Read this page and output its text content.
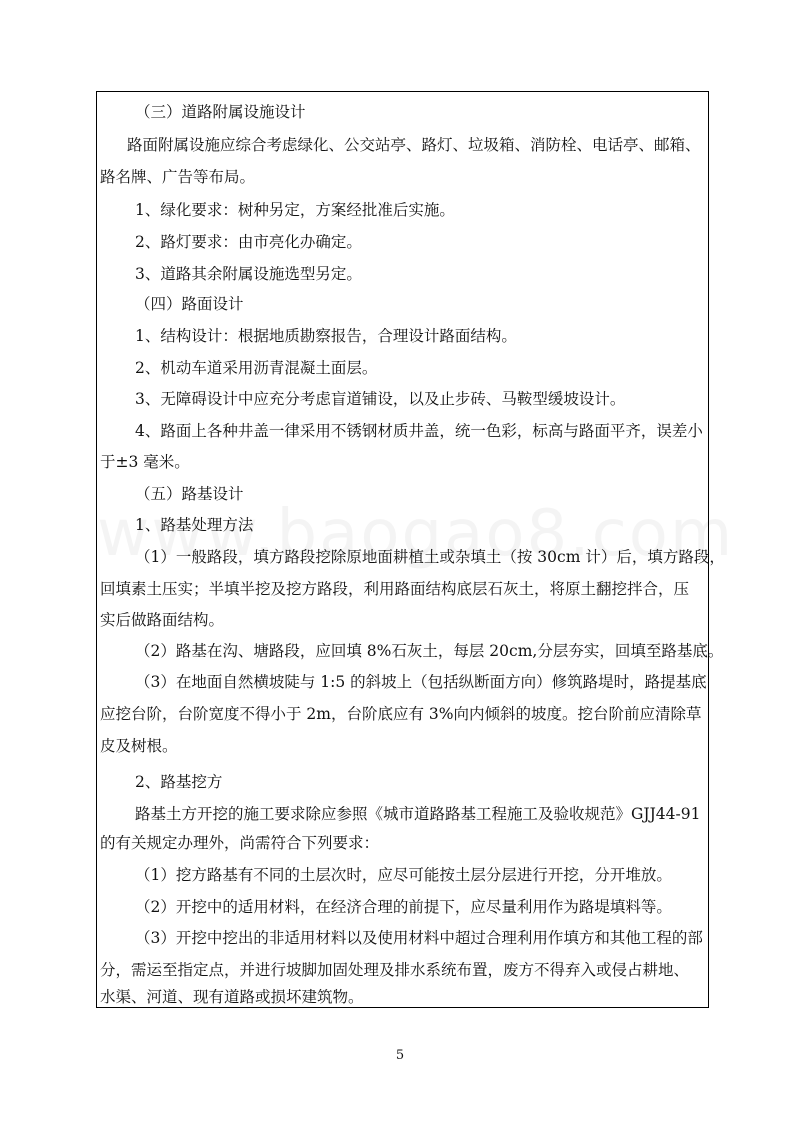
（三）道路附属设施设计
路面附属设施应综合考虑绿化、公交站亭、路灯、垃圾箱、消防栓、电话亭、邮箱、
路名牌、广告等布局。
1、绿化要求：树种另定，方案经批准后实施。
2、路灯要求：由市亮化办确定。
3、道路其余附属设施选型另定。
（四）路面设计
1、结构设计：根据地质勘察报告，合理设计路面结构。
2、机动车道采用沥青混凝土面层。
3、无障碍设计中应充分考虑盲道铺设，以及止步砖、马鞍型缓坡设计。
4、路面上各种井盖一律采用不锈钢材质井盖，统一色彩，标高与路面平齐，误差小
于±3 毫米。
（五）路基设计
1、路基处理方法
（1）一般路段，填方路段挖除原地面耕植土或杂填土（按 30cm 计）后，填方路段，
回填素土压实；半填半挖及挖方路段，利用路面结构底层石灰土，将原土翻挖拌合，压
实后做路面结构。
（2）路基在沟、塘路段，应回填 8%石灰土，每层 20cm,分层夯实，回填至路基底。
（3）在地面自然横坡陡与 1:5 的斜坡上（包括纵断面方向）修筑路堤时，路提基底
应挖台阶，台阶宽度不得小于 2m，台阶底应有 3%向内倾斜的坡度。挖台阶前应清除草
皮及树根。
2、路基挖方
路基土方开挖的施工要求除应参照《城市道路路基工程施工及验收规范》GJJ44-91
的有关规定办理外，尚需符合下列要求：
（1）挖方路基有不同的土层次时，应尽可能按土层分层进行开挖，分开堆放。
（2）开挖中的适用材料，在经济合理的前提下，应尽量利用作为路堤填料等。
（3）开挖中挖出的非适用材料以及使用材料中超过合理利用作填方和其他工程的部
分，需运至指定点，并进行坡脚加固处理及排水系统布置，废方不得弃入或侵占耕地、
水渠、河道、现有道路或损坏建筑物。
5
